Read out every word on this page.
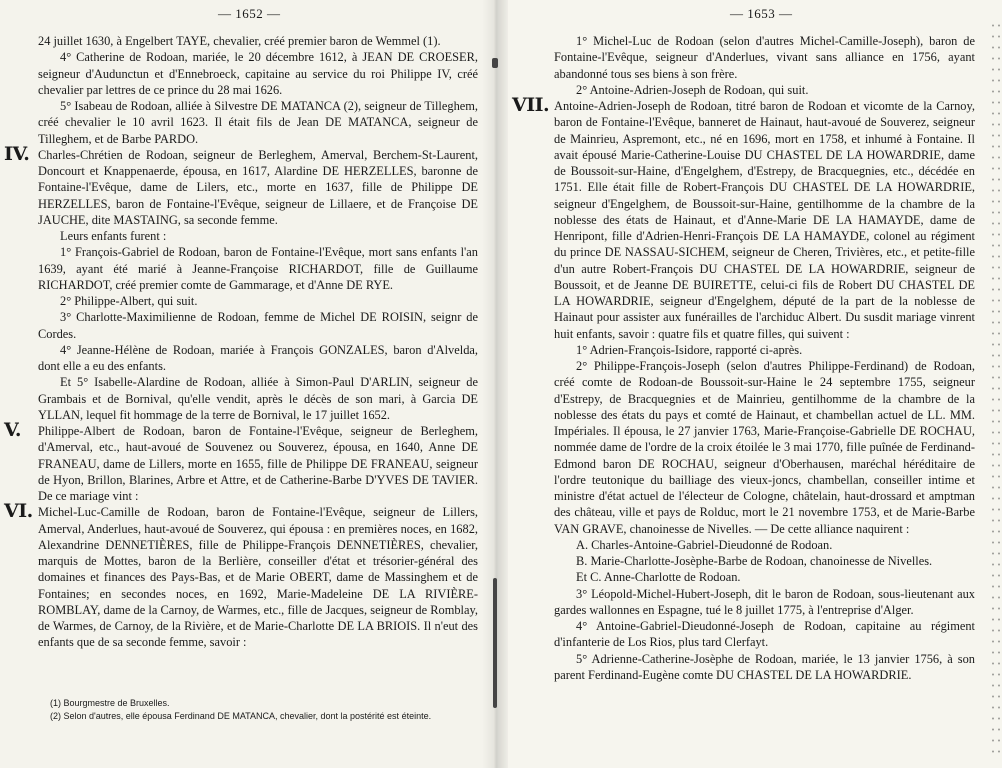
— 1652 —

24 juillet 1630, à Engelbert TAYE, chevalier, créé premier baron de Wemmel (1).

4° Catherine de Rodoan, mariée, le 20 décembre 1612, à JEAN DE CROESER, seigneur d'Audunctun et d'Ennebroeck, capitaine au service du roi Philippe IV, créé chevalier par lettres de ce prince du 28 mai 1626.

5° Isabeau de Rodoan, alliée à Silvestre DE MATANCA (2), seigneur de Tilleghem, créé chevalier le 10 avril 1623. Il était fils de Jean DE MATANCA, seigneur de Tilleghem, et de Barbe PARDO.

IV. Charles-Chrétien de Rodoan, seigneur de Berleghem, Amerval, Berchem-St-Laurent, Doncourt et Knappenaerde, épousa, en 1617, Alardine DE HERZELLES, baronne de Fontaine-l'Evêque, dame de Lilers, etc., morte en 1637, fille de Philippe DE HERZELLES, baron de Fontaine-l'Evêque, seigneur de Lillaere, et de Françoise DE JAUCHE, dite MASTAING, sa seconde femme.

Leurs enfants furent :

1° François-Gabriel de Rodoan, baron de Fontaine-l'Evêque, mort sans enfants l'an 1639, ayant été marié à Jeanne-Françoise RICHARDOT, fille de Guillaume RICHARDOT, créé premier comte de Gammarage, et d'Anne DE RYE.

2° Philippe-Albert, qui suit.

3° Charlotte-Maximilienne de Rodoan, femme de Michel DE ROISIN, seignr de Cordes.

4° Jeanne-Hélène de Rodoan, mariée à François GONZALES, baron d'Alvelda, dont elle a eu des enfants.

Et 5° Isabelle-Alardine de Rodoan, alliée à Simon-Paul D'ARLIN, seigneur de Grambais et de Bornival, qu'elle vendit, après le décès de son mari, à Garcia DE YLLAN, lequel fit hommage de la terre de Bornival, le 17 juillet 1652.

V. Philippe-Albert de Rodoan, baron de Fontaine-l'Evêque, seigneur de Berleghem, d'Amerval, etc., haut-avoué de Souvenez ou Souverez, épousa, en 1640, Anne DE FRANEAU, dame de Lillers, morte en 1655, fille de Philippe DE FRANEAU, seigneur de Hyon, Brillon, Blarines, Arbre et Attre, et de Catherine-Barbe D'YVES DE TAVIER. De ce mariage vint :

VI. Michel-Luc-Camille de Rodoan, baron de Fontaine-l'Evêque, seigneur de Lillers, Amerval, Anderlues, haut-avoué de Souverez, qui épousa : en premières noces, en 1682, Alexandrine DENNETIÈRES, fille de Philippe-François DENNETIÈRES, chevalier, marquis de Mottes, baron de la Berlière, conseiller d'état et trésorier-général des domaines et finances des Pays-Bas, et de Marie OBERT, dame de Massinghem et de Fontaines; en secondes noces, en 1692, Marie-Madeleine DE LA RIVIÈRE-ROMBLAY, dame de la Carnoy, de Warmes, etc., fille de Jacques, seigneur de Romblay, de Warmes, de Carnoy, de la Rivière, et de Marie-Charlotte DE LA BRIOIS. Il n'eut des enfants que de sa seconde femme, savoir :

(1) Bourgmestre de Bruxelles.
(2) Selon d'autres, elle épousa Ferdinand DE MATANCA, chevalier, dont la postérité est éteinte.
— 1653 —

1° Michel-Luc de Rodoan (selon d'autres Michel-Camille-Joseph), baron de Fontaine-l'Evêque, seigneur d'Anderlues, vivant sans alliance en 1756, ayant abandonné tous ses biens à son frère.

2° Antoine-Adrien-Joseph de Rodoan, qui suit.

VII. Antoine-Adrien-Joseph de Rodoan, titré baron de Rodoan et vicomte de la Carnoy, baron de Fontaine-l'Evêque, banneret de Hainaut, haut-avoué de Souverez, seigneur de Mainrieu, Aspremont, etc., né en 1696, mort en 1758, et inhumé à Fontaine. Il avait épousé Marie-Catherine-Louise DU CHASTEL DE LA HOWARDRIE, dame de Boussoit-sur-Haine, d'Engelghem, d'Estrepy, de Bracquegnies, etc., décédée en 1751. Elle était fille de Robert-François DU CHASTEL DE LA HOWARDRIE, seigneur d'Engelghem, de Boussoit-sur-Haine, gentilhomme de la chambre de la noblesse des états de Hainaut, et d'Anne-Marie DE LA HAMAYDE, dame de Henripont, fille d'Adrien-Henri-François DE LA HAMAYDE, colonel au régiment du prince DE NASSAU-SICHEM, seigneur de Cheren, Trivières, etc., et petite-fille d'un autre Robert-François DU CHASTEL DE LA HOWARDRIE, seigneur de Boussoit, et de Jeanne DE BUIRETTE, celui-ci fils de Robert DU CHASTEL DE LA HOWARDRIE, seigneur d'Engelghem, député de la part de la noblesse de Hainaut pour assister aux funérailles de l'archiduc Albert. Du susdit mariage vinrent huit enfants, savoir : quatre fils et quatre filles, qui suivent :

1° Adrien-François-Isidore, rapporté ci-après.

2° Philippe-François-Joseph (selon d'autres Philippe-Ferdinand) de Rodoan, créé comte de Rodoan-de Boussoit-sur-Haine le 24 septembre 1755, seigneur d'Estrepy, de Bracquegnies et de Mainrieu, gentilhomme de la chambre de la noblesse des états du pays et comté de Hainaut, et chambellan actuel de LL. MM. Impériales. Il épousa, le 27 janvier 1763, Marie-Françoise-Gabrielle DE ROCHAU, nommée dame de l'ordre de la croix étoilée le 3 mai 1770, fille puînée de Ferdinand-Edmond baron DE ROCHAU, seigneur d'Oberhausen, maréchal héréditaire de l'ordre teutonique du bailliage des vieux-joncs, chambellan, conseiller intime et ministre d'état actuel de l'électeur de Cologne, châtelain, haut-drossard et amptman des château, ville et pays de Rolduc, mort le 21 novembre 1753, et de Marie-Barbe VAN GRAVE, chanoinesse de Nivelles. — De cette alliance naquirent :

A. Charles-Antoine-Gabriel-Dieudonné de Rodoan.

B. Marie-Charlotte-Josèphe-Barbe de Rodoan, chanoinesse de Nivelles.

Et C. Anne-Charlotte de Rodoan.

3° Léopold-Michel-Hubert-Joseph, dit le baron de Rodoan, sous-lieutenant aux gardes wallonnes en Espagne, tué le 8 juillet 1775, à l'entreprise d'Alger.

4° Antoine-Gabriel-Dieudonné-Joseph de Rodoan, capitaine au régiment d'infanterie de Los Rios, plus tard Clerfayt.

5° Adrienne-Catherine-Josèphe de Rodoan, mariée, le 13 janvier 1756, à son parent Ferdinand-Eugène comte DU CHASTEL DE LA HOWARDRIE.
